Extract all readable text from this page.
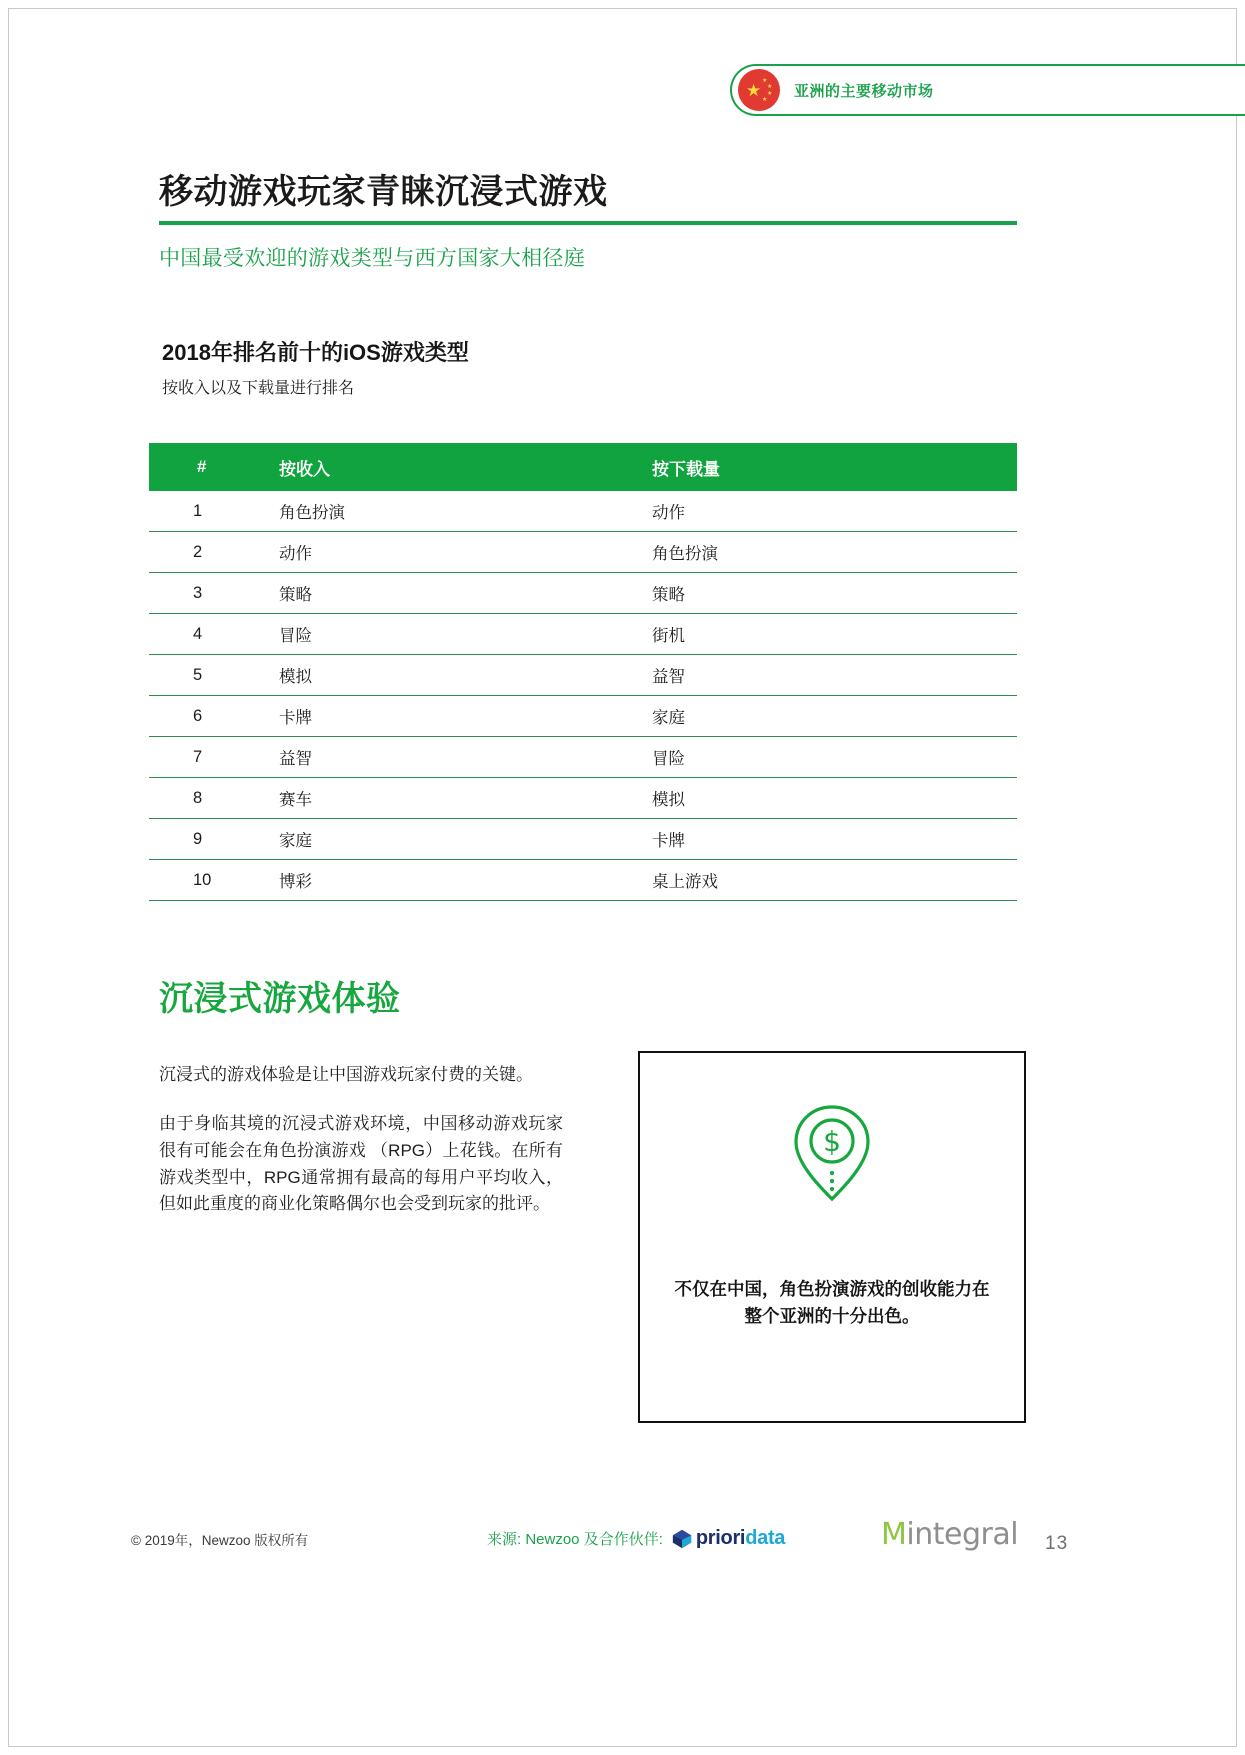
★ ★
★
★
★
亚洲的主要移动市场
移动游戏玩家青睐沉浸式游戏
中国最受欢迎的游戏类型与西方国家大相径庭
2018年排名前十的iOS游戏类型
按收入以及下载量进行排名
#	按收入	按下载量
1	角色扮演	动作
2	动作	角色扮演
3	策略	策略
4	冒险	街机
5	模拟	益智
6	卡牌	家庭
7	益智	冒险
8	赛车	模拟
9	家庭	卡牌
10	博彩	桌上游戏
沉浸式游戏体验

沉浸式的游戏体验是让中国游戏玩家付费的关键。

由于身临其境的沉浸式游戏环境，中国移动游戏玩家很有可能会在角色扮演游戏 （RPG）上花钱。在所有游戏类型中，RPG通常拥有最高的每用户平均收入，但如此重度的商业化策略偶尔也会受到玩家的批评。

$
不仅在中国，角色扮演游戏的创收能力在整个亚洲的十分出色。
© 2019年，Newzoo 版权所有	来源: Newzoo 及合作伙伴: prioridata	Mintegral 13
